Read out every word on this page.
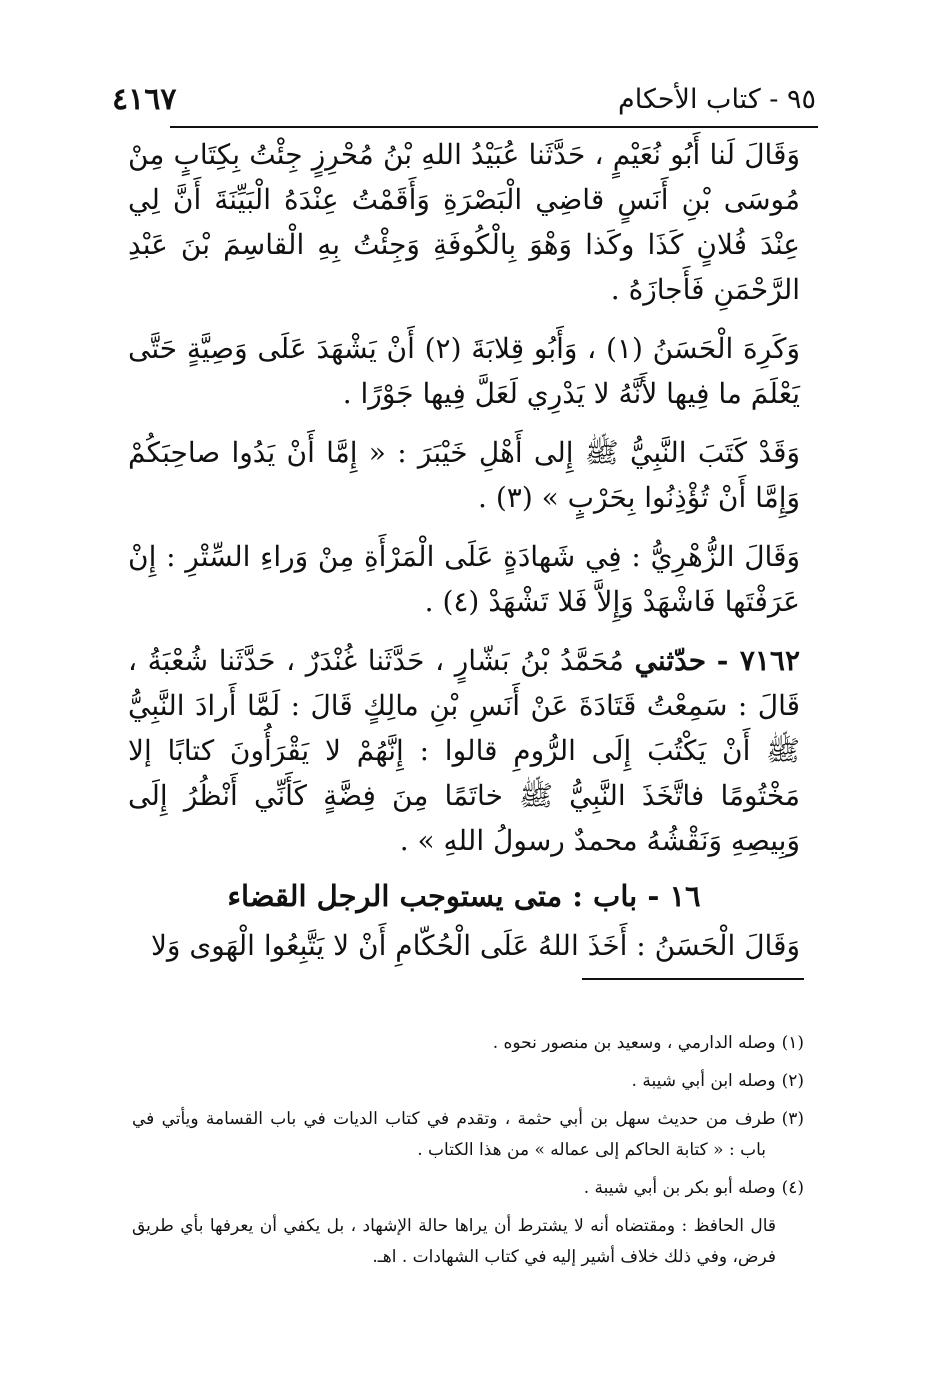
٩٥ - كتاب الأحكام
٤١٦٧

وَقَالَ لَنا أَبُو نُعَيْمٍ ، حَدَّثَنا عُبَيْدُ اللهِ بْنُ مُحْرِزٍ جِئْتُ بِكِتَابٍ مِنْ مُوسَى بْنِ أَنَسٍ قاضِي الْبَصْرَةِ وَأَقَمْتُ عِنْدَهُ الْبَيِّنَةَ أَنَّ لِي عِنْدَ فُلانٍ كَذَا وكَذا وَهْوَ بِالْكُوفَةِ وَجِئْتُ بِهِ الْقاسِمَ بْنَ عَبْدِ الرَّحْمَنِ فَأَجازَهُ .

وَكَرِهَ الْحَسَنُ (١) ، وَأَبُو قِلابَةَ (٢) أَنْ يَشْهَدَ عَلَى وَصِيَّةٍ حَتَّى يَعْلَمَ ما فِيها لأَنَّهُ لا يَدْرِي لَعَلَّ فِيها جَوْرًا .

وَقَدْ كَتَبَ النَّبِيُّ ﷺ إِلى أَهْلِ خَيْبَرَ : « إِمَّا أَنْ يَدُوا صاحِبَكُمْ وَإِمَّا أَنْ تُؤْذِنُوا بِحَرْبٍ » (٣) .

وَقَالَ الزُّهْرِيُّ : فِي شَهادَةٍ عَلَى الْمَرْأَةِ مِنْ وَراءِ السِّتْرِ : إِنْ عَرَفْتَها فَاشْهَدْ وَإِلاَّ فَلا تَشْهَدْ (٤) .

٧١٦٢ - حدّثني مُحَمَّدُ بْنُ بَشّارٍ ، حَدَّثَنا غُنْدَرٌ ، حَدَّثَنا شُعْبَةُ ، قَالَ : سَمِعْتُ قَتَادَةَ عَنْ أَنَسِ بْنِ مالِكٍ قَالَ : لَمَّا أَرادَ النَّبِيُّ ﷺ أَنْ يَكْتُبَ إِلَى الرُّومِ قالوا : إِنَّهُمْ لا يَقْرَأُونَ كتابًا إلا مَخْتُومًا فاتَّخَذَ النَّبِيُّ ﷺ خاتَمًا مِنَ فِضَّةٍ كَأَنِّي أَنْظُرُ إِلَى وَبِيصِهِ وَنَقْشُهُ محمدٌ رسولُ اللهِ » .

١٦ - باب : متى يستوجب الرجل القضاء

وَقَالَ الْحَسَنُ : أَخَذَ اللهُ عَلَى الْحُكّامِ أَنْ لا يَتَّبِعُوا الْهَوى وَلا

(١)وصله الدارمي ، وسعيد بن منصور نحوه .

(٢)وصله ابن أبي شيبة .

(٣)طرف من حديث سهل بن أبي حثمة ، وتقدم في كتاب الديات في باب القسامة ويأتي في باب : « كتابة الحاكم إلى عماله » من هذا الكتاب .

(٤)وصله أبو بكر بن أبي شيبة .

قال الحافظ : ومقتضاه أنه لا يشترط أن يراها حالة الإشهاد ، بل يكفي أن يعرفها بأي طريق فرض، وفي ذلك خلاف أشير إليه في كتاب الشهادات . اهـ.
